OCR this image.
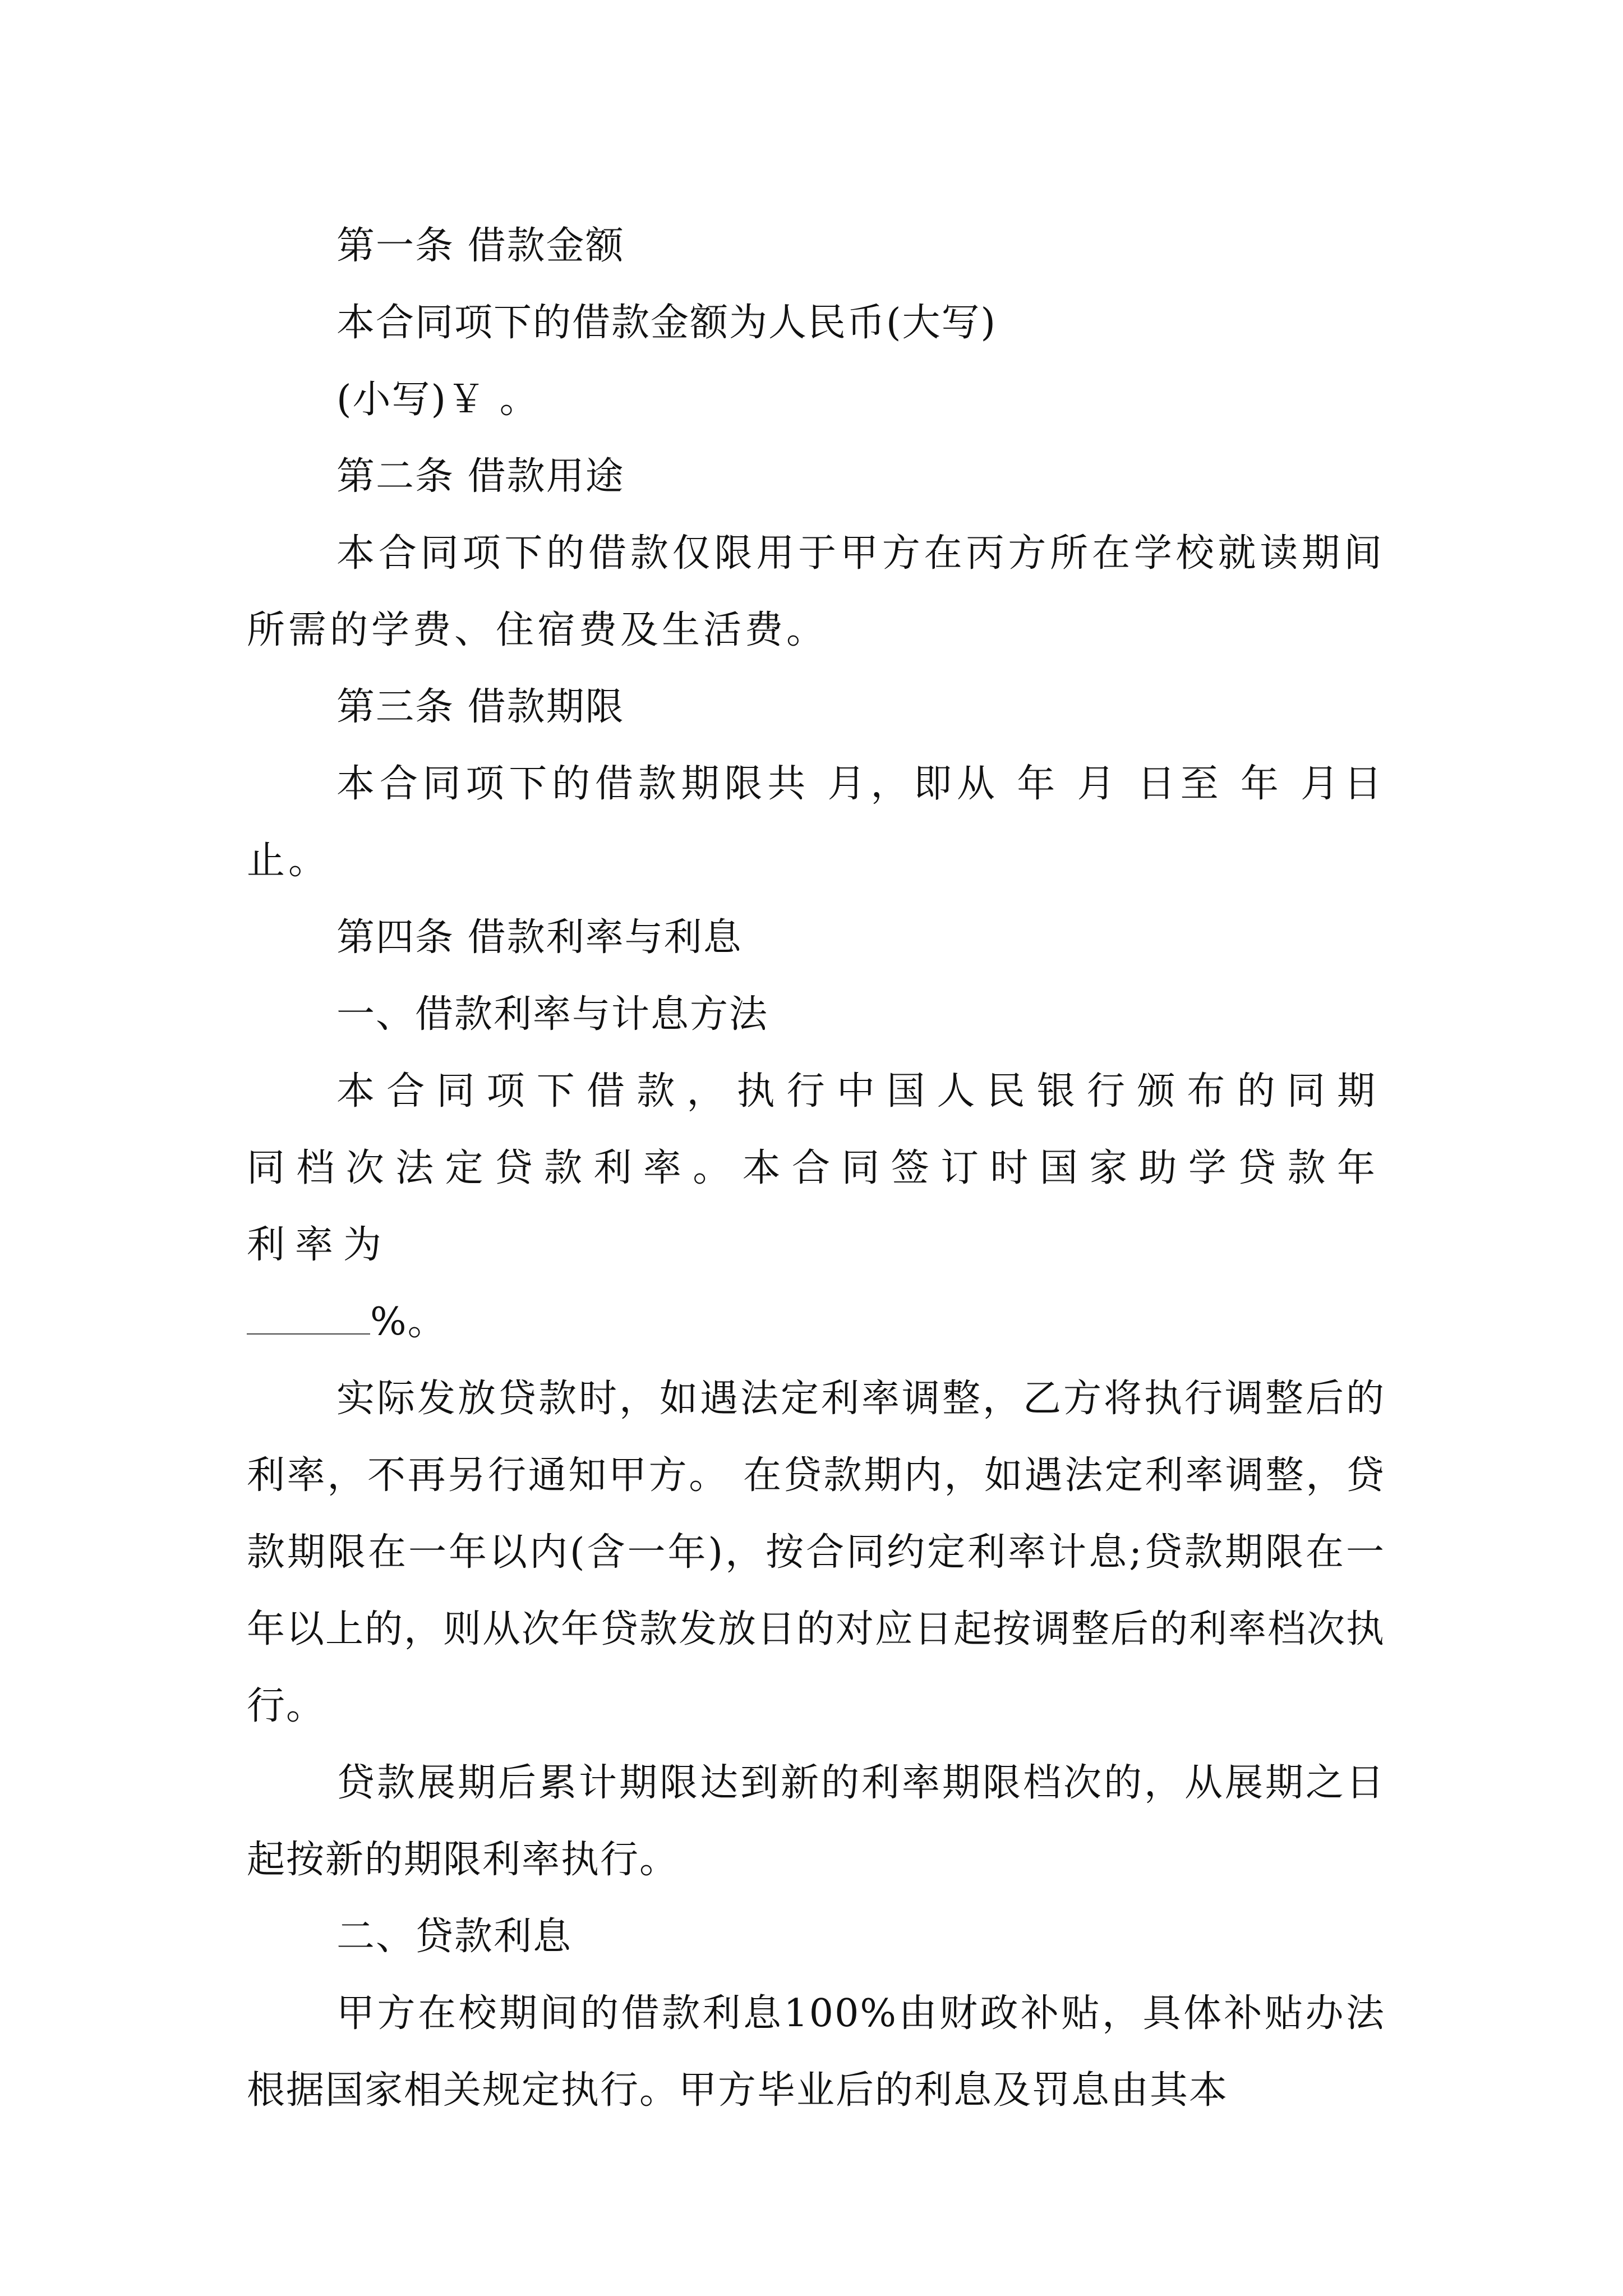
第一条 借款金额

本合同项下的借款金额为人民币(大写)

(小写)￥ 。

第二条 借款用途

本合同项下的借款仅限用于甲方在丙方所在学校就读期间所需的学费、住宿费及生活费。

第三条 借款期限

本合同项下的借款期限共 月，即从 年 月 日至 年 月日止。

第四条 借款利率与利息

一、借款利率与计息方法

本合同项下借款，执行中国人民银行颁布的同期同档次法定贷款利率。本合同签订时国家助学贷款年利率为

%。

实际发放贷款时，如遇法定利率调整，乙方将执行调整后的利率，不再另行通知甲方。 在贷款期内，如遇法定利率调整，贷款期限在一年以内(含一年)，按合同约定利率计息;贷款期限在一年以上的，则从次年贷款发放日的对应日起按调整后的利率档次执行。

贷款展期后累计期限达到新的利率期限档次的，从展期之日起按新的期限利率执行。

二、贷款利息

甲方在校期间的借款利息100%由财政补贴，具体补贴办法根据国家相关规定执行。甲方毕业后的利息及罚息由其本
